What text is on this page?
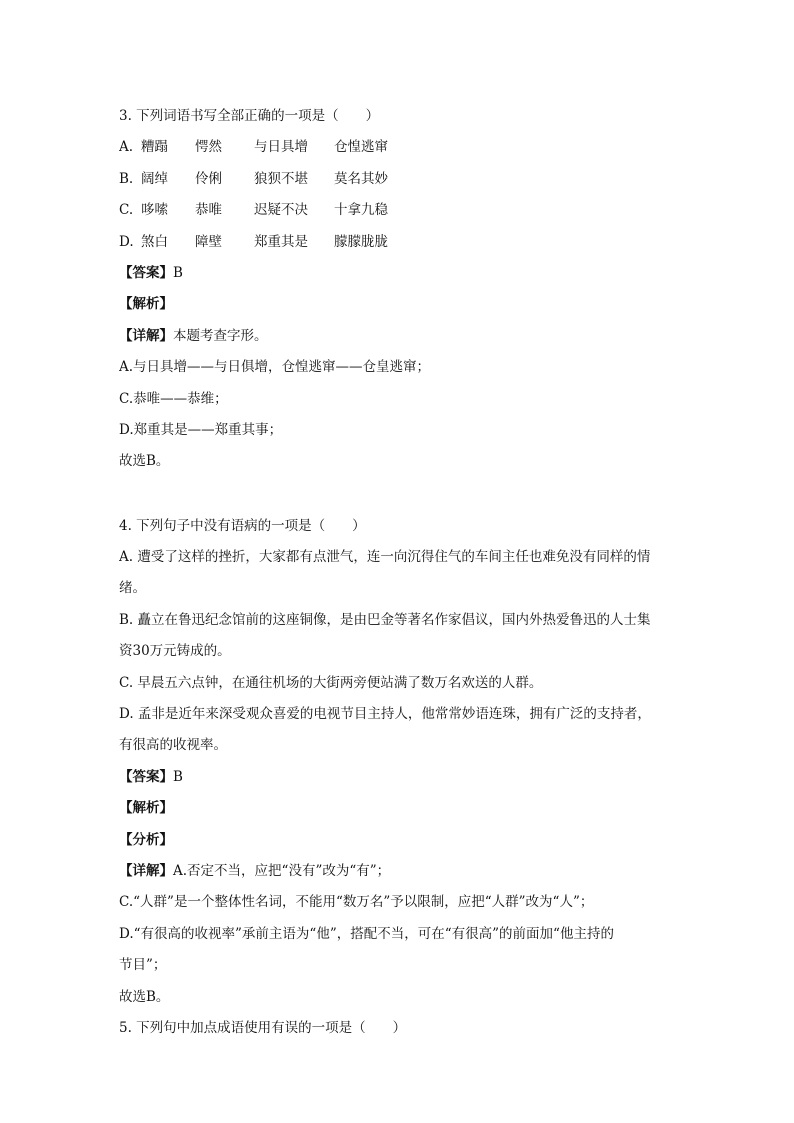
3. 下列词语书写全部正确的一项是（　　）
A. 糟蹋 愕然 与日具增 仓惶逃窜
B. 阔绰 伶俐 狼狈不堪 莫名其妙
C. 哆嗦 恭唯 迟疑不决 十拿九稳
D. 煞白 障壁 郑重其是 朦朦胧胧
【答案】B
【解析】
【详解】本题考查字形。
A.与日具增——与日俱增，仓惶逃窜——仓皇逃窜；
C.恭唯——恭维；
D.郑重其是——郑重其事；
故选B。
4. 下列句子中没有语病的一项是（　　）
A. 遭受了这样的挫折，大家都有点泄气，连一向沉得住气的车间主任也难免没有同样的情
绪。
B. 矗立在鲁迅纪念馆前的这座铜像，是由巴金等著名作家倡议，国内外热爱鲁迅的人士集
资30万元铸成的。
C. 早晨五六点钟，在通往机场的大街两旁便站满了数万名欢送的人群。
D. 孟非是近年来深受观众喜爱的电视节目主持人，他常常妙语连珠，拥有广泛的支持者，
有很高的收视率。
【答案】B
【解析】
【分析】
【详解】A.否定不当，应把“没有”改为“有”；
C.“人群”是一个整体性名词，不能用“数万名”予以限制，应把“人群”改为“人”；
D.“有很高的收视率”承前主语为“他”，搭配不当，可在“有很高”的前面加“他主持的
节目”；
故选B。
5. 下列句中加点成语使用有误的一项是（　　）
